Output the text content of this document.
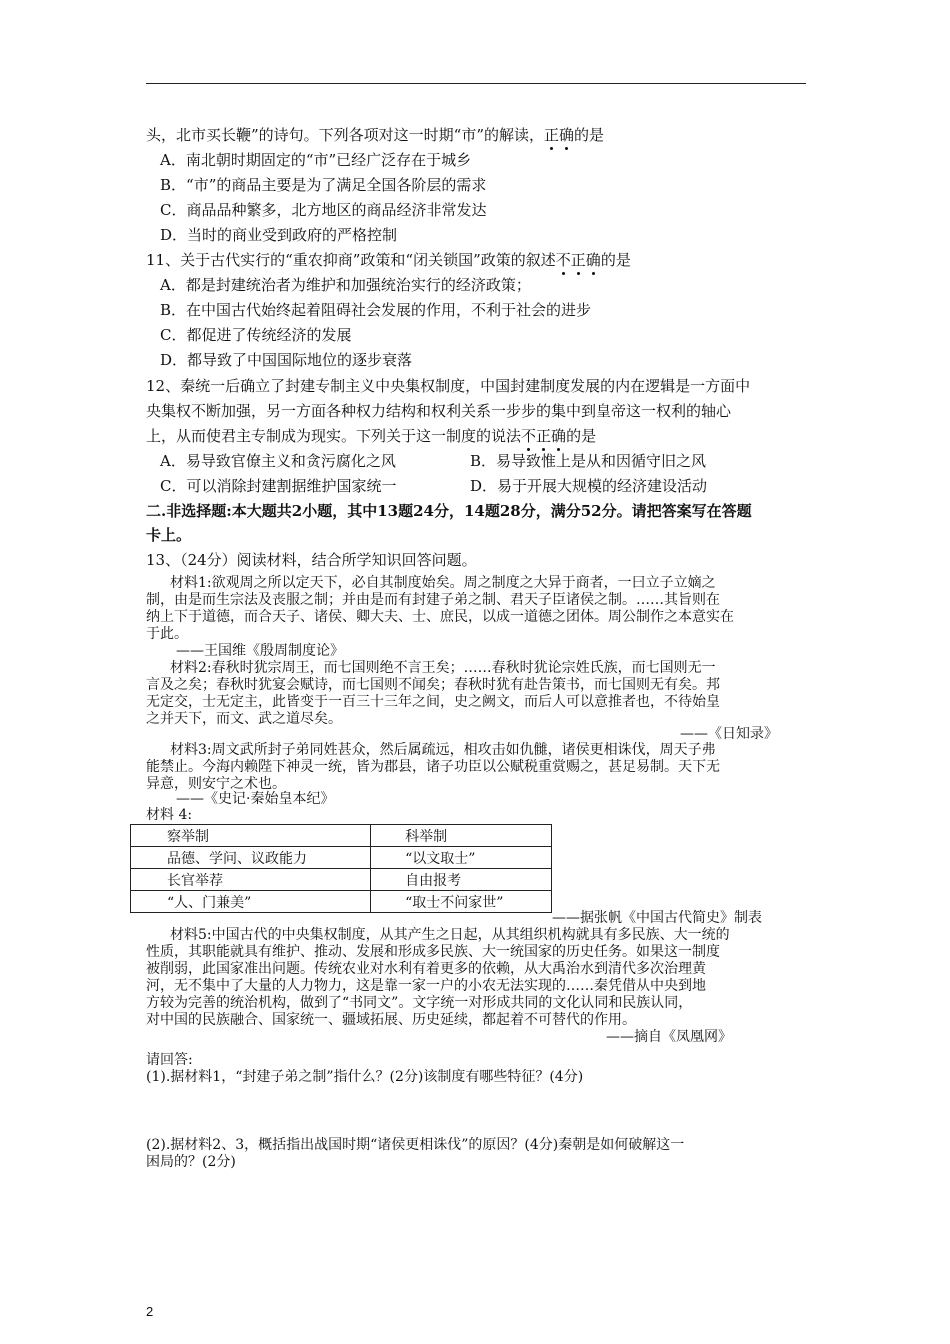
头，北市买长鞭”的诗句。下列各项对这一时期“市”的解读，正确的是
A．南北朝时期固定的“市”已经广泛存在于城乡
B．“市”的商品主要是为了满足全国各阶层的需求
C．商品品种繁多，北方地区的商品经济非常发达
D．当时的商业受到政府的严格控制
11、关于古代实行的“重农抑商”政策和“闭关锁国”政策的叙述不正确的是
A．都是封建统治者为维护和加强统治实行的经济政策；
B．在中国古代始终起着阻碍社会发展的作用，不利于社会的进步
C．都促进了传统经济的发展
D．都导致了中国国际地位的逐步衰落
12、秦统一后确立了封建专制主义中央集权制度，中国封建制度发展的内在逻辑是一方面中
央集权不断加强，另一方面各种权力结构和权利关系一步步的集中到皇帝这一权利的轴心
上，从而使君主专制成为现实。下列关于这一制度的说法不正确的是
A．易导致官僚主义和贪污腐化之风	B．易导致惟上是从和因循守旧之风
C．可以消除封建割据维护国家统一	D．易于开展大规模的经济建设活动
二.非选择题:本大题共2小题，其中13题24分，14题28分，满分52分。请把答案写在答题
卡上。
13、（24分）阅读材料，结合所学知识回答问题。
材料1:欲观周之所以定天下，必自其制度始矣。周之制度之大异于商者，一曰立子立嫡之
制，由是而生宗法及丧服之制；并由是而有封建子弟之制、君天子臣诸侯之制。……其旨则在
纳上下于道德，而合天子、诸侯、卿大夫、士、庶民，以成一道德之团体。周公制作之本意实在
于此。
——王国维《殷周制度论》
材料2:春秋时犹宗周王，而七国则绝不言王矣；……春秋时犹论宗姓氏族，而七国则无一
言及之矣；春秋时犹宴会赋诗，而七国则不闻矣；春秋时犹有赴告策书，而七国则无有矣。邦
无定交，士无定主，此皆变于一百三十三年之间，史之阙文，而后人可以意推者也，不待始皇
之并天下，而文、武之道尽矣。
——《日知录》
材料3:周文武所封子弟同姓甚众，然后属疏远，相攻击如仇雠，诸侯更相诛伐，周天子弗
能禁止。今海内赖陛下神灵一统，皆为郡县，诸子功臣以公赋税重赏赐之，甚足易制。天下无
异意，则安宁之术也。
——《史记·秦始皇本纪》
材料 4:
察举制	科举制
品德、学问、议政能力	“以文取士”
长官举荐	自由报考
“人、门兼美”	“取士不问家世”
——据张帆《中国古代简史》制表
材料5:中国古代的中央集权制度，从其产生之日起，从其组织机构就具有多民族、大一统的
性质，其职能就具有维护、推动、发展和形成多民族、大一统国家的历史任务。如果这一制度
被削弱，此国家准出问题。传统农业对水利有着更多的依赖，从大禹治水到清代多次治理黄
河，无不集中了大量的人力物力，这是靠一家一户的小农无法实现的……秦凭借从中央到地
方较为完善的统治机构，做到了“书同文”。文字统一对形成共同的文化认同和民族认同，
对中国的民族融合、国家统一、疆域拓展、历史延续，都起着不可替代的作用。
——摘自《凤凰网》
请回答:
(1).据材料1，“封建子弟之制”指什么？(2分)该制度有哪些特征？(4分)
(2).据材料2、3，概括指出战国时期“诸侯更相诛伐”的原因？(4分)秦朝是如何破解这一
困局的？(2分)
2
